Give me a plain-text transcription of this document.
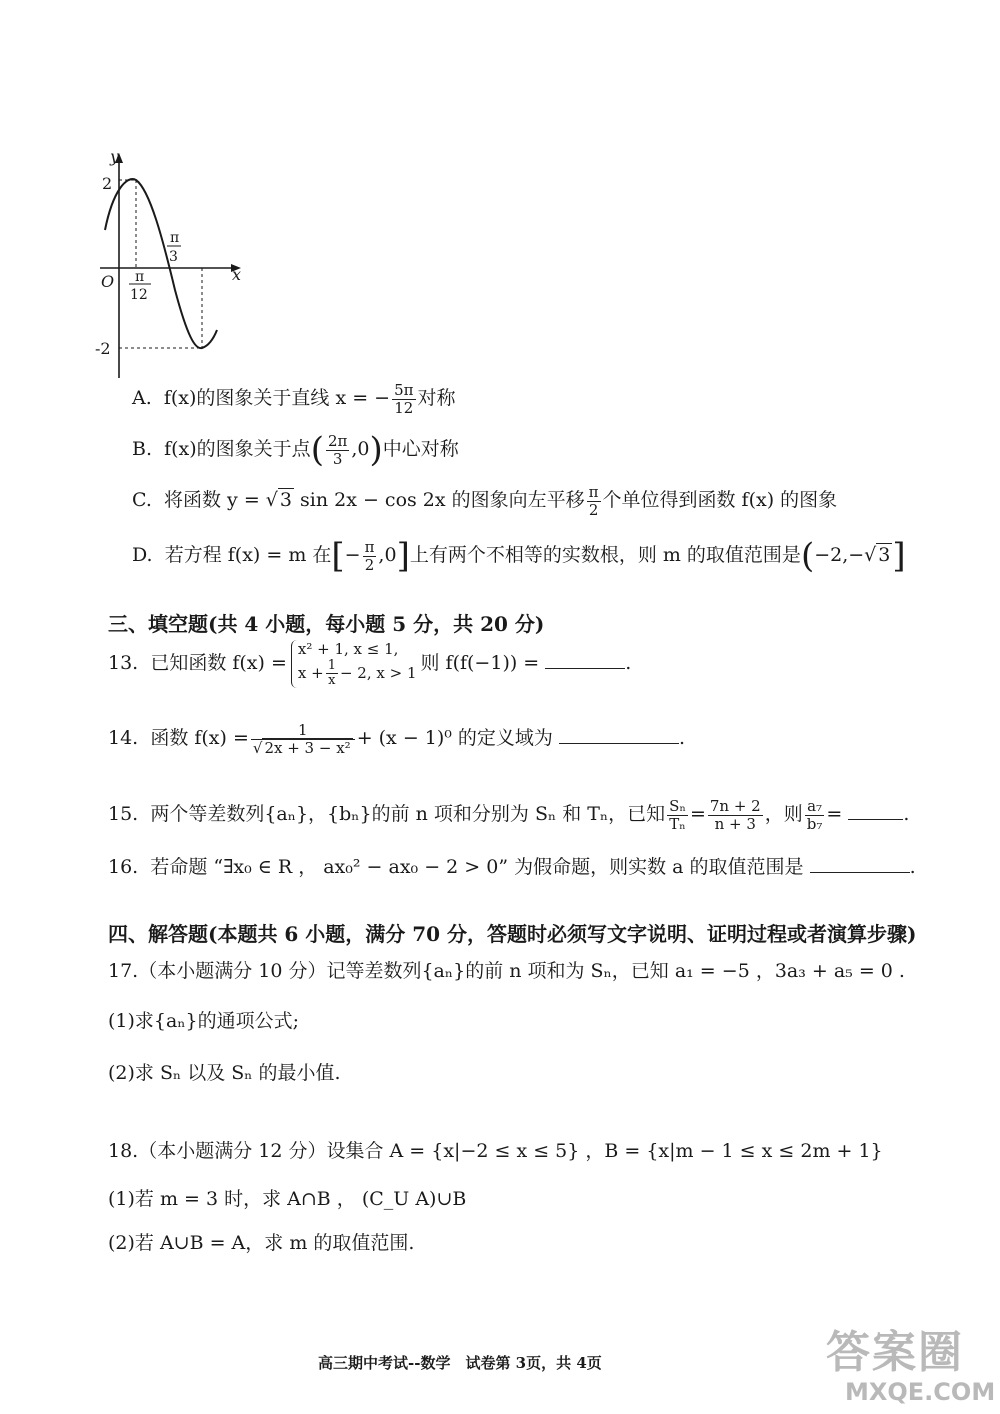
y
x
O
2
-2
π
12
π
3
A. f(x)的图象关于直线 x = − $\frac{5\pi}{12}$ 对称
B. f(x)的图象关于点( $\frac{2\pi}{3} ,0$)中心对称
C. 将函数 y = √ 3 sin 2x − cos 2x 的图象向左平移 $\frac{\pi}{2}$ 个单位得到函数 f(x) 的图象
D. 若方程 f(x) = m 在[− $\frac{\pi}{2} ,0$]上有两个不相等的实数根，则 m 的取值范围是(−2,−√ 3]
三、填空题(共 4 小题，每小题 5 分，共 20 分)
13. 已知函数 f(x) =
x² + 1, x ≤ 1,
$x + \frac{1}{x} - 2$, x > 1 则 f(f(−1)) =	.
14. 函数 $f(x) = \frac{1}{\text{√ 2x + 3 − x²}} + (x - 1)^0$ 的定义域为	.
15. 两个等差数列{aₙ}，{bₙ}的前 n 项和分别为 Sₙ 和 Tₙ，已知 $\frac{\text{Sₙ}}{\text{Tₙ}} = \frac{7n + 2}{n + 3}$ ，则 $\frac{\text{a₇}}{\text{b₇}}$ =	.
16. 若命题 “∃x₀ ∈ R ， ax₀² − ax₀ − 2 > 0” 为假命题，则实数 a 的取值范围是	.
四、解答题(本题共 6 小题，满分 70 分，答题时必须写文字说明、证明过程或者演算步骤)
17.（本小题满分 10 分）记等差数列{aₙ}的前 n 项和为 Sₙ，已知 a₁ = −5 ，3a₃ + a₅ = 0 .
(1)求{aₙ}的通项公式;
(2)求 Sₙ 以及 Sₙ 的最小值.
18.（本小题满分 12 分）设集合 A = {x|−2 ≤ x ≤ 5} ，B = {x|m − 1 ≤ x ≤ 2m + 1}
(1)若 m = 3 时，求 A∩B ， (C_U A)∪B
(2)若 A∪B = A，求 m 的取值范围.
高三期中考试--数学　试卷第 3页，共 4页	答案圈
MXQE.COM
